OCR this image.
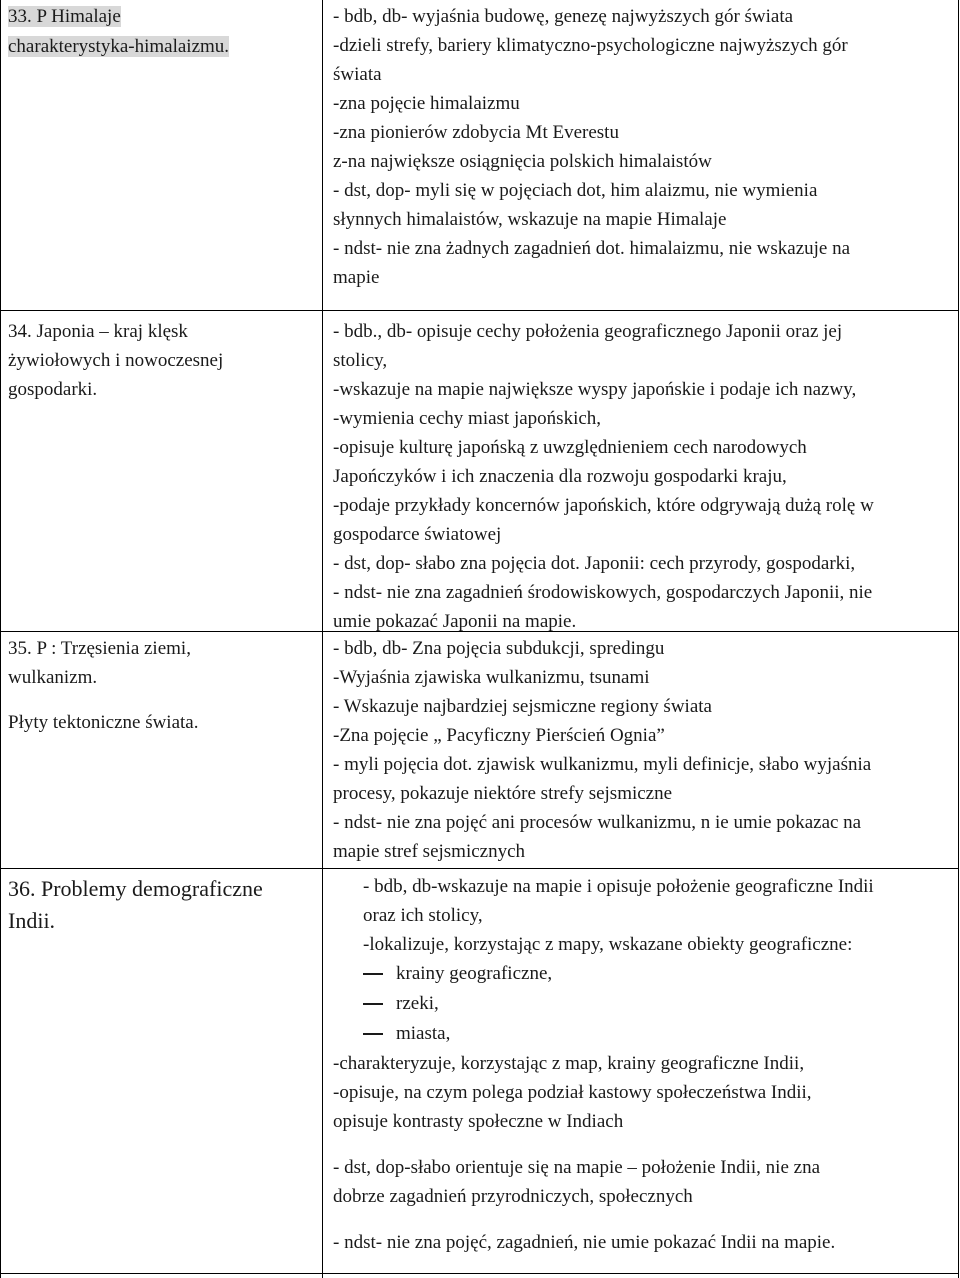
33. P Himalaje
charakterystyka-himalaizmu.
- bdb, db- wyjaśnia budowę, genezę najwyższych gór świata
-dzieli strefy, bariery klimatyczno-psychologiczne najwyższych gór
świata
-zna pojęcie himalaizmu
-zna pionierów zdobycia Mt Everestu
z-na największe osiągnięcia polskich himalaistów
- dst, dop- myli się w pojęciach dot, him alaizmu, nie wymienia
słynnych himalaistów, wskazuje na mapie Himalaje
- ndst- nie zna żadnych zagadnień dot. himalaizmu, nie wskazuje na
mapie
34. Japonia – kraj klęsk
żywiołowych i nowoczesnej
gospodarki.
- bdb., db- opisuje cechy położenia geograficznego Japonii oraz jej
stolicy,
-wskazuje na mapie największe wyspy japońskie i podaje ich nazwy,
-wymienia cechy miast japońskich,
-opisuje kulturę japońską z uwzględnieniem cech narodowych
Japończyków i ich znaczenia dla rozwoju gospodarki kraju,
-podaje przykłady koncernów japońskich, które odgrywają dużą rolę w
gospodarce światowej
- dst, dop- słabo zna pojęcia dot. Japonii: cech przyrody, gospodarki,
- ndst- nie zna zagadnień środowiskowych, gospodarczych Japonii, nie
umie pokazać Japonii na mapie.
35. P : Trzęsienia ziemi,
wulkanizm.
Płyty tektoniczne świata.
- bdb, db- Zna pojęcia subdukcji, spredingu
-Wyjaśnia zjawiska wulkanizmu, tsunami
- Wskazuje najbardziej sejsmiczne regiony świata
-Zna pojęcie „ Pacyficzny Pierścień Ognia”
- myli pojęcia dot. zjawisk wulkanizmu, myli definicje, słabo wyjaśnia
procesy, pokazuje niektóre strefy sejsmiczne
- ndst- nie zna pojęć ani procesów wulkanizmu, n ie umie pokazac na
mapie stref sejsmicznych
36. Problemy demograficzne
Indii.
- bdb, db-wskazuje na mapie i opisuje położenie geograficzne Indii
oraz ich stolicy,
-lokalizuje, korzystając z mapy, wskazane obiekty geograficzne:
krainy geograficzne,
rzeki,
miasta,
-charakteryzuje, korzystając z map, krainy geograficzne Indii,
-opisuje, na czym polega podział kastowy społeczeństwa Indii,
opisuje kontrasty społeczne w Indiach
- dst, dop-słabo orientuje się na mapie – położenie Indii, nie zna
dobrze zagadnień przyrodniczych, społecznych
- ndst- nie zna pojęć, zagadnień, nie umie pokazać Indii na mapie.
